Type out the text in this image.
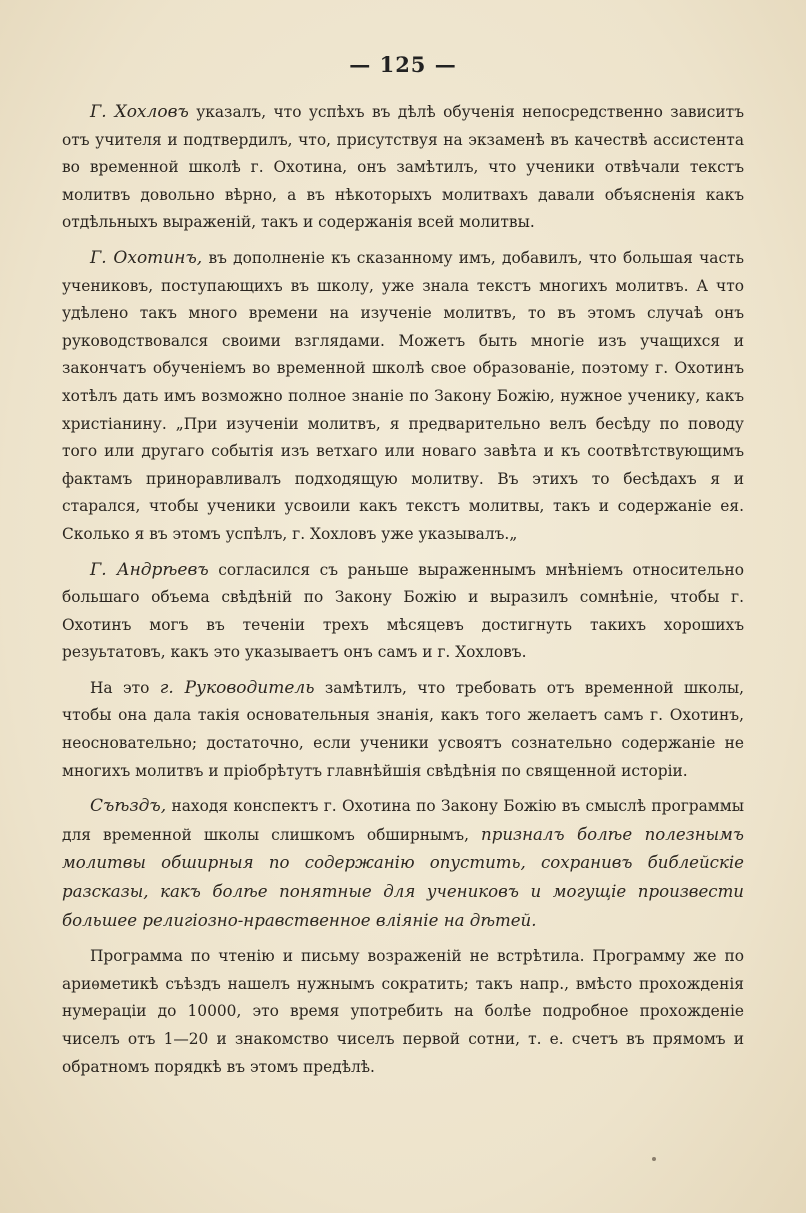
— 125 —

Г. Хохловъ указалъ, что успѣхъ въ дѣлѣ обученія непосредственно зависитъ отъ учителя и подтвердилъ, что, присутствуя на экзаменѣ въ качествѣ ассистента во временной школѣ г. Охотина, онъ замѣтилъ, что ученики отвѣчали текстъ молитвъ довольно вѣрно, а въ нѣкоторыхъ молитвахъ давали объясненія какъ отдѣльныхъ выраженій, такъ и содержанія всей молитвы.

Г. Охотинъ, въ дополненіе къ сказанному имъ, добавилъ, что большая часть учениковъ, поступающихъ въ школу, уже знала текстъ многихъ молитвъ. А что удѣлено такъ много времени на изученіе молитвъ, то въ этомъ случаѣ онъ руководствовался своими взглядами. Можетъ быть многіе изъ учащихся и закончатъ обученіемъ во временной школѣ свое образованіе, поэтому г. Охотинъ хотѣлъ дать имъ возможно полное знаніе по Закону Божію, нужное ученику, какъ христіанину. „При изученіи молитвъ, я предварительно велъ бесѣду по поводу того или другаго событія изъ ветхаго или новаго завѣта и къ соотвѣтствующимъ фактамъ приноравливалъ подходящую молитву. Въ этихъ то бесѣдахъ я и старался, чтобы ученики усвоили какъ текстъ молитвы, такъ и содержаніе ея. Сколько я въ этомъ успѣлъ, г. Хохловъ уже указывалъ.„

Г. Андрѣевъ согласился съ раньше выраженнымъ мнѣніемъ относительно большаго объема свѣдѣній по Закону Божію и выразилъ сомнѣніе, чтобы г. Охотинъ могъ въ теченіи трехъ мѣсяцевъ достигнуть такихъ хорошихъ резуьтатовъ, какъ это указываетъ онъ самъ и г. Хохловъ.

На это г. Руководитель замѣтилъ, что требовать отъ временной школы, чтобы она дала такія основательныя знанія, какъ того желаетъ самъ г. Охотинъ, неосновательно; достаточно, если ученики усвоятъ сознательно содержаніе не многихъ молитвъ и пріобрѣтутъ главнѣйшія свѣдѣнія по священной исторіи.

Съѣздъ, находя конспектъ г. Охотина по Закону Божію въ смыслѣ программы для временной школы слишкомъ обширнымъ, призналъ болѣе полезнымъ молитвы обширныя по содержанію опустить, сохранивъ библейскіе разсказы, какъ болѣе понятные для учениковъ и могущіе произвести большее религіозно-нравственное вліяніе на дѣтей.

Программа по чтенію и письму возраженій не встрѣтила. Программу же по ариѳметикѣ съѣздъ нашелъ нужнымъ сократить; такъ напр., вмѣсто прохожденія нумераціи до 10000, это время употребить на болѣе подробное прохожденіе чиселъ отъ 1—20 и знакомство чиселъ первой сотни, т. е. счетъ въ прямомъ и обратномъ порядкѣ въ этомъ предѣлѣ.
